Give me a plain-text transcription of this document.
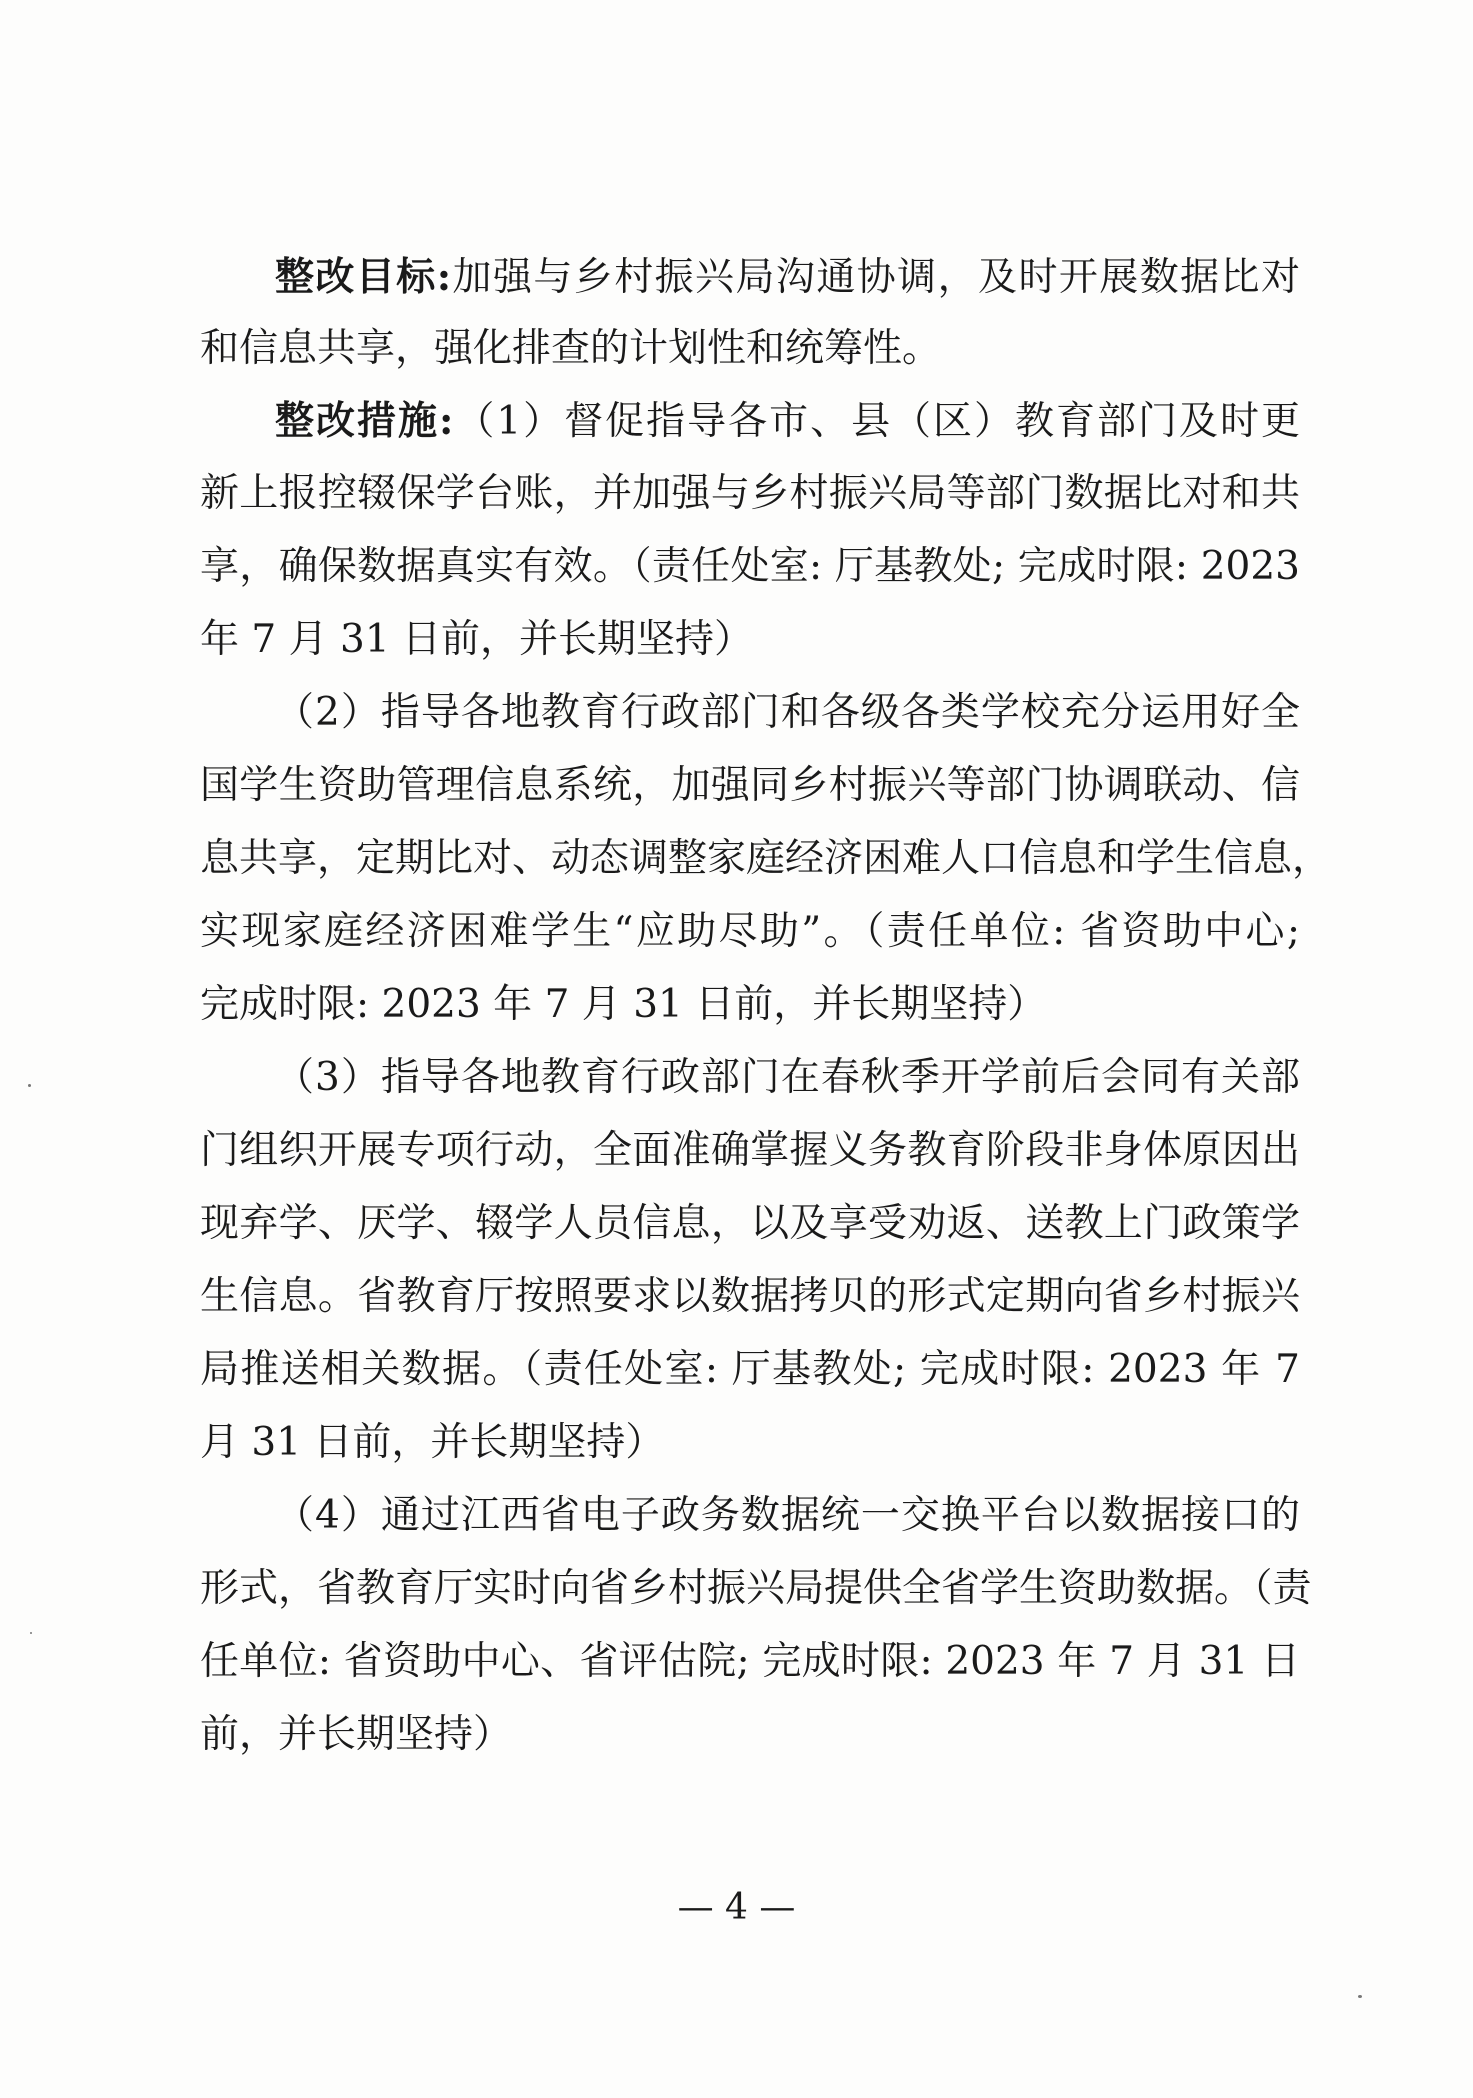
整改目标:加强与乡村振兴局沟通协调，及时开展数据比对
和信息共享，强化排查的计划性和统筹性。
整改措施:（1）督促指导各市、县（区）教育部门及时更
新上报控辍保学台账，并加强与乡村振兴局等部门数据比对和共
享，确保数据真实有效。（责任处室: 厅基教处; 完成时限: 2023
年 7 月 31 日前，并长期坚持）
（2）指导各地教育行政部门和各级各类学校充分运用好全
国学生资助管理信息系统，加强同乡村振兴等部门协调联动、信
息共享，定期比对、动态调整家庭经济困难人口信息和学生信息，
实现家庭经济困难学生“应助尽助”。（责任单位: 省资助中心;
完成时限: 2023 年 7 月 31 日前，并长期坚持）
（3）指导各地教育行政部门在春秋季开学前后会同有关部
门组织开展专项行动，全面准确掌握义务教育阶段非身体原因出
现弃学、厌学、辍学人员信息，以及享受劝返、送教上门政策学
生信息。省教育厅按照要求以数据拷贝的形式定期向省乡村振兴
局推送相关数据。（责任处室: 厅基教处; 完成时限: 2023 年 7
月 31 日前，并长期坚持）
（4）通过江西省电子政务数据统一交换平台以数据接口的
形式，省教育厅实时向省乡村振兴局提供全省学生资助数据。（责
任单位: 省资助中心、省评估院; 完成时限: 2023 年 7 月 31 日
前，并长期坚持）
— 4 —
